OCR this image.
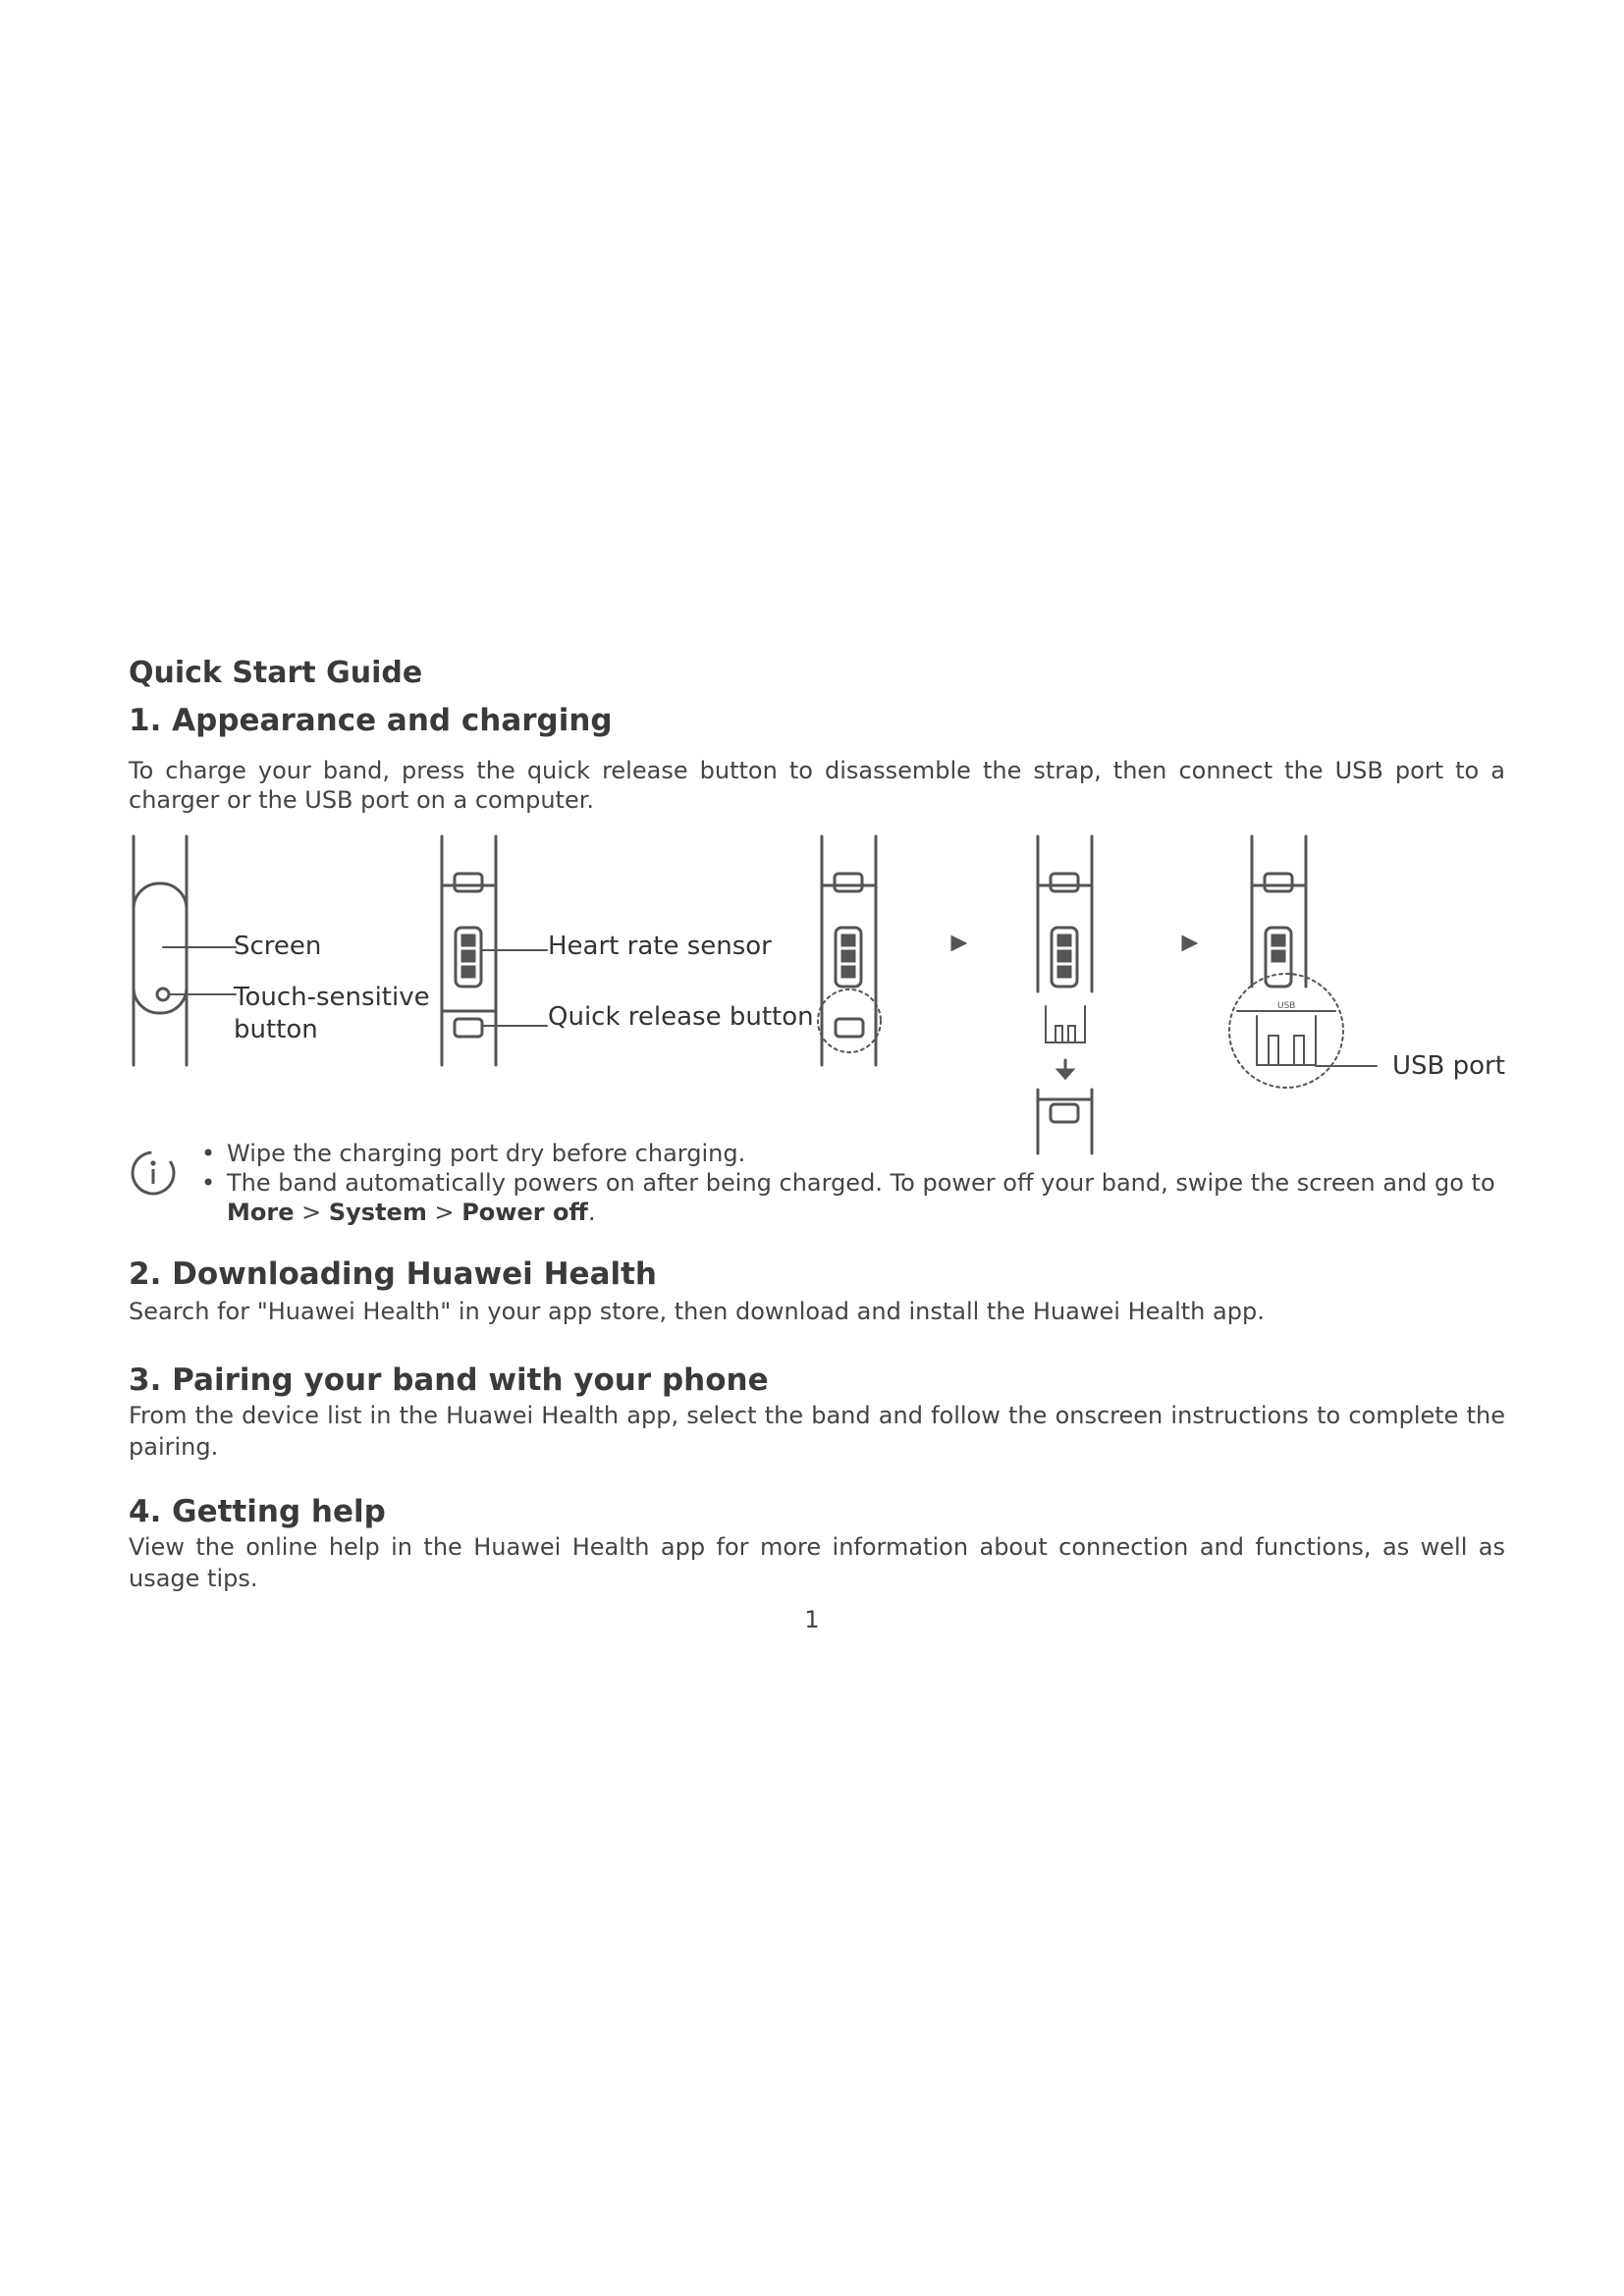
Quick Start Guide
1. Appearance and charging
To charge your band, press the quick release button to disassemble the strap, then connect the USB port to a charger or the USB port on a computer.
USB
Screen
Touch-sensitive
button
Heart rate sensor
Quick release button
USB port
• Wipe the charging port dry before charging.
• The band automatically powers on after being charged. To power off your band, swipe the screen and go to
More > System > Power off.
2. Downloading Huawei Health
Search for "Huawei Health" in your app store, then download and install the Huawei Health app.
3. Pairing your band with your phone
From the device list in the Huawei Health app, select the band and follow the onscreen instructions to complete the pairing.
4. Getting help
View the online help in the Huawei Health app for more information about connection and functions, as well as usage tips.
1
